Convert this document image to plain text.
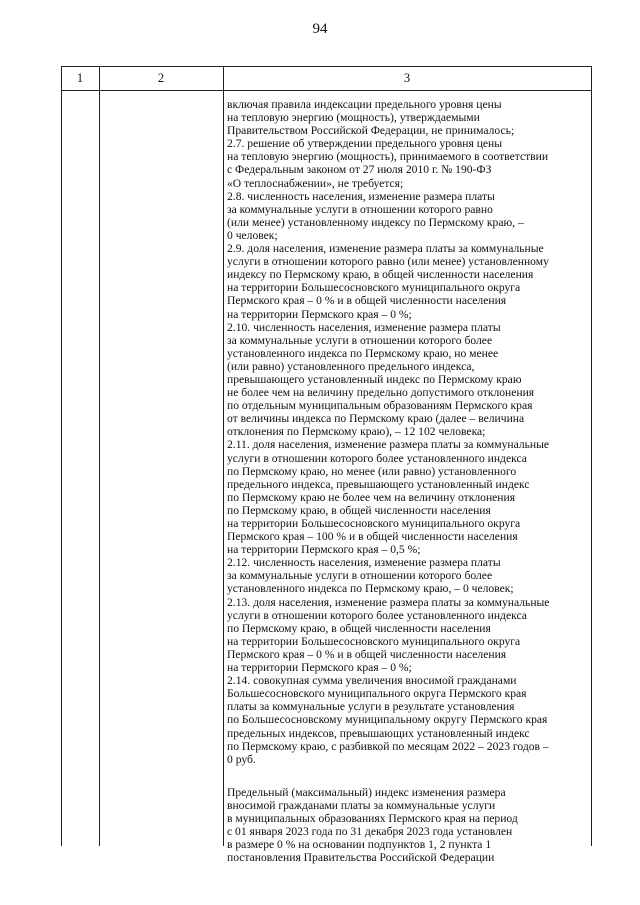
94
1	2	3
включая правила индексации предельного уровня цены
на тепловую энергию (мощность), утверждаемыми
Правительством Российской Федерации, не принималось;
2.7. решение об утверждении предельного уровня цены
на тепловую энергию (мощность), принимаемого в соответствии
с Федеральным законом от 27 июля 2010 г. № 190-ФЗ
«О теплоснабжении», не требуется;
2.8. численность населения, изменение размера платы
за коммунальные услуги в отношении которого равно
(или менее) установленному индексу по Пермскому краю, –
0 человек;
2.9. доля населения, изменение размера платы за коммунальные
услуги в отношении которого равно (или менее) установленному
индексу по Пермскому краю, в общей численности населения
на территории Большесосновского муниципального округа
Пермского края – 0 % и в общей численности населения
на территории Пермского края – 0 %;
2.10. численность населения, изменение размера платы
за коммунальные услуги в отношении которого более
установленного индекса по Пермскому краю, но менее
(или равно) установленного предельного индекса,
превышающего установленный индекс по Пермскому краю
не более чем на величину предельно допустимого отклонения
по отдельным муниципальным образованиям Пермского края
от величины индекса по Пермскому краю (далее – величина
отклонения по Пермскому краю), – 12 102 человека;
2.11. доля населения, изменение размера платы за коммунальные
услуги в отношении которого более установленного индекса
по Пермскому краю, но менее (или равно) установленного
предельного индекса, превышающего установленный индекс
по Пермскому краю не более чем на величину отклонения
по Пермскому краю, в общей численности населения
на территории Большесосновского муниципального округа
Пермского края – 100 % и в общей численности населения
на территории Пермского края – 0,5 %;
2.12. численность населения, изменение размера платы
за коммунальные услуги в отношении которого более
установленного индекса по Пермскому краю, – 0 человек;
2.13. доля населения, изменение размера платы за коммунальные
услуги в отношении которого более установленного индекса
по Пермскому краю, в общей численности населения
на территории Большесосновского муниципального округа
Пермского края – 0 % и в общей численности населения
на территории Пермского края – 0 %;
2.14. совокупная сумма увеличения вносимой гражданами
Большесосновского муниципального округа Пермского края
платы за коммунальные услуги в результате установления
по Большесосновскому муниципальному округу Пермского края
предельных индексов, превышающих установленный индекс
по Пермскому краю, с разбивкой по месяцам 2022 – 2023 годов –
0 руб.
Предельный (максимальный) индекс изменения размера
вносимой гражданами платы за коммунальные услуги
в муниципальных образованиях Пермского края на период
с 01 января 2023 года по 31 декабря 2023 года установлен
в размере 0 % на основании подпунктов 1, 2 пункта 1
постановления Правительства Российской Федерации
